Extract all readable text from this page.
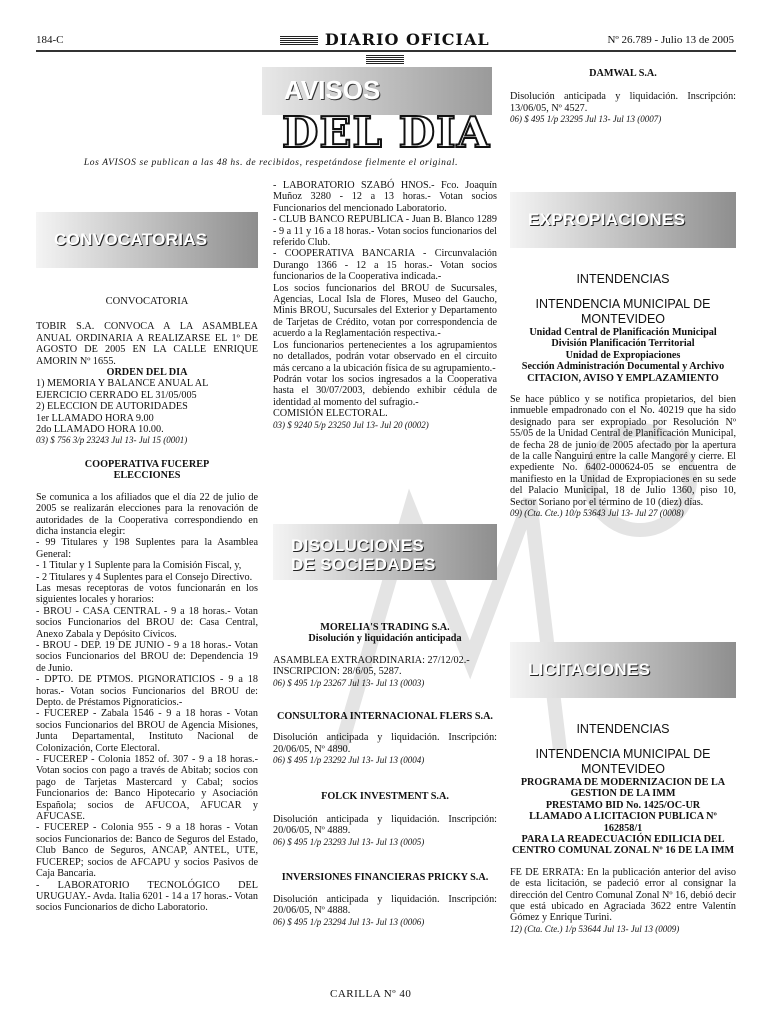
184-C	DIARIO OFICIAL	Nº 26.789 - Julio 13 de 2005
AVISOS
DEL DIA
Los AVISOS se publican a las 48 hs. de recibidos, respetándose fielmente el original.
CONVOCATORIAS

CONVOCATORIA

TOBIR S.A. CONVOCA A LA ASAMBLEA ANUAL ORDINARIA A REALIZARSE EL 1º DE AGOSTO DE 2005 EN LA CALLE ENRIQUE AMORIN Nº 1655.

ORDEN DEL DIA

1) MEMORIA Y BALANCE ANUAL AL EJERCICIO CERRADO EL 31/05/005
2) ELECCION DE AUTORIDADES
1er LLAMADO HORA 9.00
2do LLAMADO HORA 10.00.

03) $ 756 3/p 23243 Jul 13- Jul 15 (0001)

COOPERATIVA FUCEREP
ELECCIONES

Se comunica a los afiliados que el día 22 de julio de 2005 se realizarán elecciones para la renovación de autoridades de la Cooperativa correspondiendo en dicha instancia elegir:
- 99 Titulares y 198 Suplentes para la Asamblea General:
- 1 Titular y 1 Suplente para la Comisión Fiscal, y,
- 2 Titulares y 4 Suplentes para el Consejo Directivo.
Las mesas receptoras de votos funcionarán en los siguientes locales y horarios:
- BROU - CASA CENTRAL - 9 a 18 horas.- Votan socios Funcionarios del BROU de: Casa Central, Anexo Zabala y Depósito Cívicos.
- BROU - DEP. 19 DE JUNIO - 9 a 18 horas.- Votan socios Funcionarios del BROU de: Dependencia 19 de Junio.
- DPTO. DE PTMOS. PIGNORATICIOS - 9 a 18 horas.- Votan socios Funcionarios del BROU de: Depto. de Préstamos Pignoraticios.-
- FUCEREP - Zabala 1546 - 9 a 18 horas - Votan socios Funcionarios del BROU de Agencia Misiones, Junta Departamental, Instituto Nacional de Colonización, Corte Electoral.
- FUCEREP - Colonia 1852 of. 307 - 9 a 18 horas.- Votan socios con pago a través de Abitab; socios con pago de Tarjetas Mastercard y Cabal; socios Funcionarios de: Banco Hipotecario y Asociación Española; socios de AFUCOA, AFUCAR y AFUCASE.
- FUCEREP - Colonia 955 - 9 a 18 horas - Votan socios Funcionarios de: Banco de Seguros del Estado, Club Banco de Seguros, ANCAP, ANTEL, UTE, FUCEREP; socios de AFCAPU y socios Pasivos de Caja Bancaria.
- LABORATORIO TECNOLÓGICO DEL URUGUAY.- Avda. Italia 6201 - 14 a 17 horas.- Votan socios Funcionarios de dicho Laboratorio.

- LABORATORIO SZABÓ HNOS.- Fco. Joaquín Muñoz 3280 - 12 a 13 horas.- Votan socios Funcionarios del mencionado Laboratorio.
- CLUB BANCO REPUBLICA - Juan B. Blanco 1289 - 9 a 11 y 16 a 18 horas.- Votan socios funcionarios del referido Club.
- COOPERATIVA BANCARIA - Circunvalación Durango 1366 - 12 a 15 horas.- Votan socios funcionarios de la Cooperativa indicada.-
Los socios funcionarios del BROU de Sucursales, Agencias, Local Isla de Flores, Museo del Gaucho, Minis BROU, Sucursales del Exterior y Departamento de Tarjetas de Crédito, votan por correspondencia de acuerdo a la Reglamentación respectiva.-
Los funcionarios pertenecientes a los agrupamientos no detallados, podrán votar observado en el circuito más cercano a la ubicación física de su agrupamiento.-
Podrán votar los socios ingresados a la Cooperativa hasta el 30/07/2003, debiendo exhibir cédula de identidad al momento del sufragio.-
COMISIÓN ELECTORAL.

03) $ 9240 5/p 23250 Jul 13- Jul 20 (0002)

DISOLUCIONES
DE SOCIEDADES

MORELIA'S TRADING S.A.

Disolución y liquidación anticipada

ASAMBLEA EXTRAORDINARIA: 27/12/02.-
INSCRIPCION: 28/6/05, 5287.

06) $ 495 1/p 23267 Jul 13- Jul 13 (0003)

CONSULTORA INTERNACIONAL FLERS S.A.

Disolución anticipada y liquidación. Inscripción: 20/06/05, Nº 4890.

06) $ 495 1/p 23292 Jul 13- Jul 13 (0004)

FOLCK INVESTMENT S.A.

Disolución anticipada y liquidación. Inscripción: 20/06/05, Nº 4889.

06) $ 495 1/p 23293 Jul 13- Jul 13 (0005)

INVERSIONES FINANCIERAS PRICKY S.A.

Disolución anticipada y liquidación. Inscripción: 20/06/05, Nº 4888.

06) $ 495 1/p 23294 Jul 13- Jul 13 (0006)

DAMWAL S.A.

Disolución anticipada y liquidación. Inscripción: 13/06/05, Nº 4527.

06) $ 495 1/p 23295 Jul 13- Jul 13 (0007)

EXPROPIACIONES

INTENDENCIAS

INTENDENCIA MUNICIPAL DE MONTEVIDEO

Unidad Central de Planificación Municipal
División Planificación Territorial
Unidad de Expropiaciones
Sección Administración Documental y Archivo
CITACION, AVISO Y EMPLAZAMIENTO

Se hace público y se notifica propietarios, del bien inmueble empadronado con el No. 40219 que ha sido designado para ser expropiado por Resolución Nº 55/05 de la Unidad Central de Planificación Municipal, de fecha 28 de junio de 2005 afectado por la apertura de la calle Ñanguirú entre la calle Mangoré y cierre. El expediente No. 6402-000624-05 se encuentra de manifiesto en la Unidad de Expropiaciones en su sede del Palacio Municipal, 18 de Julio 1360, piso 10, Sector Soriano por el término de 10 (diez) días.

09) (Cta. Cte.) 10/p 53643 Jul 13- Jul 27 (0008)

LICITACIONES

INTENDENCIAS

INTENDENCIA MUNICIPAL DE MONTEVIDEO

PROGRAMA DE MODERNIZACION DE LA GESTION DE LA IMM
PRESTAMO BID No. 1425/OC-UR
LLAMADO A LICITACION PUBLICA Nº 162858/1
PARA LA READECUACIÓN EDILICIA DEL CENTRO COMUNAL ZONAL Nº 16 DE LA IMM

FE DE ERRATA: En la publicación anterior del aviso de esta licitación, se padeció error al consignar la dirección del Centro Comunal Zonal Nº 16, debió decir que está ubicado en Agraciada 3622 entre Valentín Gómez y Enrique Turini.

12) (Cta. Cte.) 1/p 53644 Jul 13- Jul 13 (0009)

CARILLA Nº 40
